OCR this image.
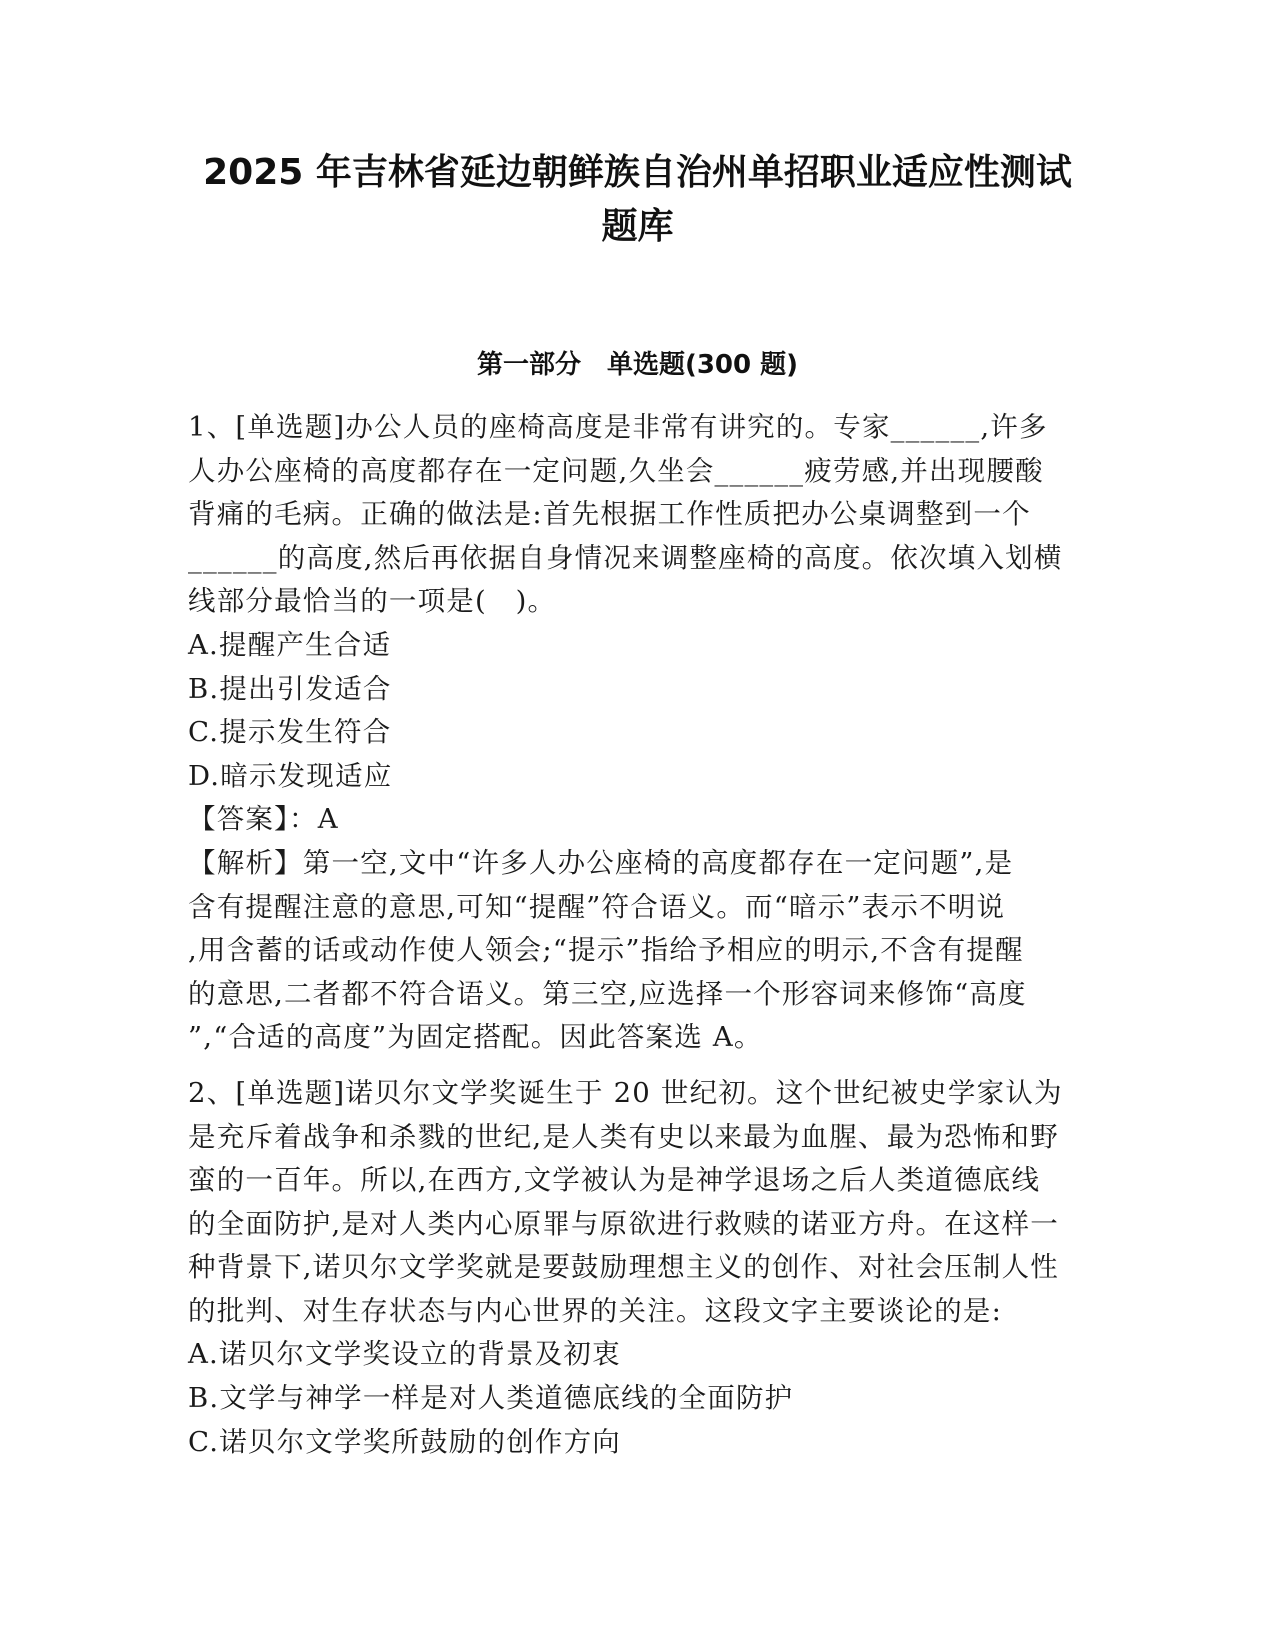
2025 年吉林省延边朝鲜族自治州单招职业适应性测试
题库
第一部分　单选题(300 题)
1、[单选题]办公人员的座椅高度是非常有讲究的。专家______,许多
人办公座椅的高度都存在一定问题,久坐会______疲劳感,并出现腰酸
背痛的毛病。正确的做法是:首先根据工作性质把办公桌调整到一个
______的高度,然后再依据自身情况来调整座椅的高度。依次填入划横
线部分最恰当的一项是(　)。
A.提醒产生合适
B.提出引发适合
C.提示发生符合
D.暗示发现适应
【答案】：A
【解析】第一空,文中“许多人办公座椅的高度都存在一定问题”,是
含有提醒注意的意思,可知“提醒”符合语义。而“暗示”表示不明说
,用含蓄的话或动作使人领会;“提示”指给予相应的明示,不含有提醒
的意思,二者都不符合语义。第三空,应选择一个形容词来修饰“高度
”,“合适的高度”为固定搭配。因此答案选 A。
2、[单选题]诺贝尔文学奖诞生于 20 世纪初。这个世纪被史学家认为
是充斥着战争和杀戮的世纪,是人类有史以来最为血腥、最为恐怖和野
蛮的一百年。所以,在西方,文学被认为是神学退场之后人类道德底线
的全面防护,是对人类内心原罪与原欲进行救赎的诺亚方舟。在这样一
种背景下,诺贝尔文学奖就是要鼓励理想主义的创作、对社会压制人性
的批判、对生存状态与内心世界的关注。这段文字主要谈论的是:
A.诺贝尔文学奖设立的背景及初衷
B.文学与神学一样是对人类道德底线的全面防护
C.诺贝尔文学奖所鼓励的创作方向
